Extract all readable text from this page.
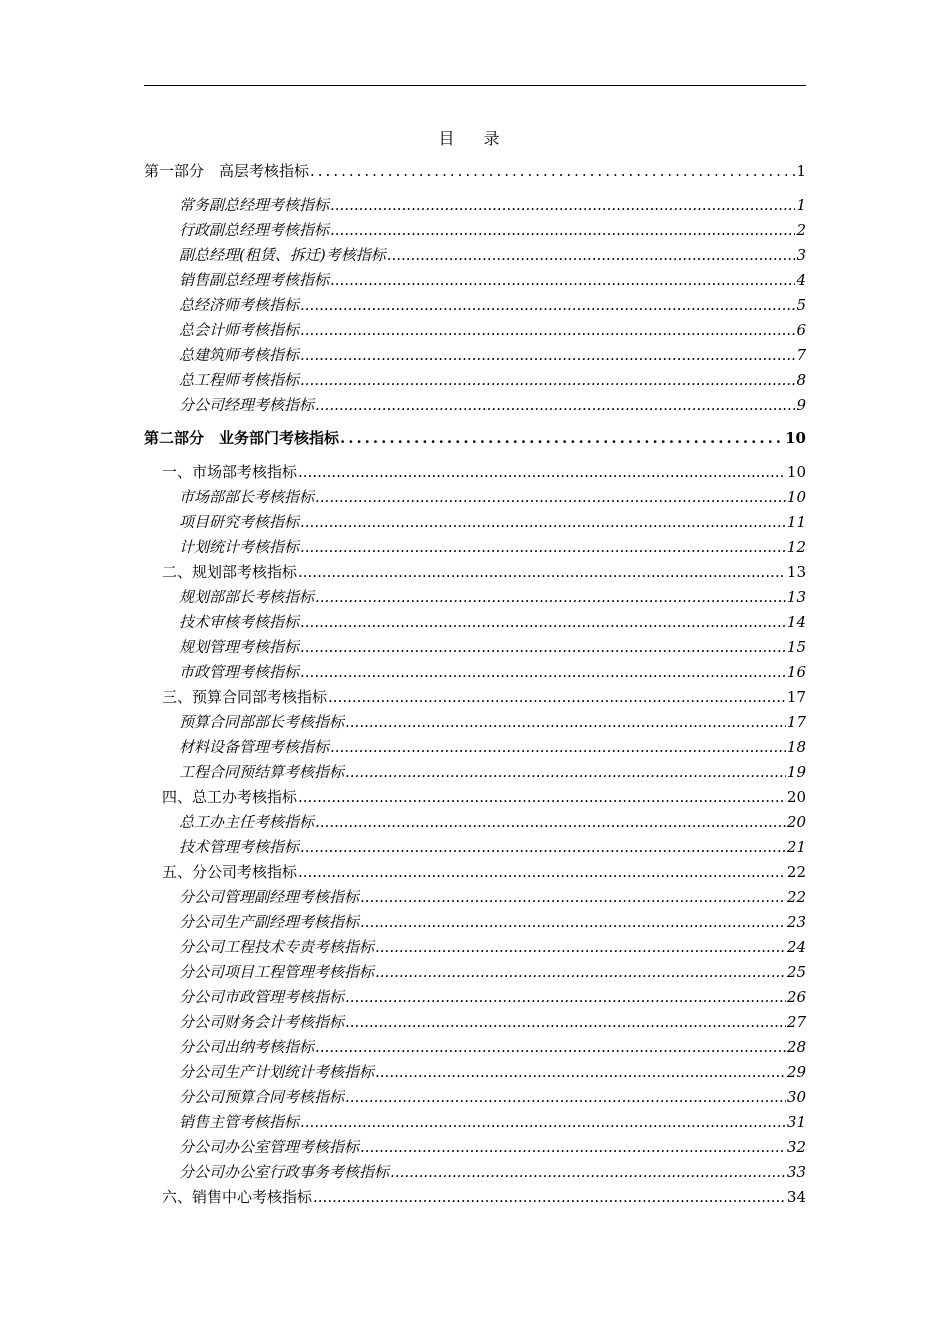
目 录
第一部分　高层考核指标 .....	1
常务副总经理考核指标 .....	1
行政副总经理考核指标 .....	2
副总经理(租赁、拆迁)考核指标 .....	3
销售副总经理考核指标 .....	4
总经济师考核指标 .....	5
总会计师考核指标 .....	6
总建筑师考核指标 .....	7
总工程师考核指标 .....	8
分公司经理考核指标 .....	9
第二部分　业务部门考核指标 .....	10
一、市场部考核指标 .....	10
市场部部长考核指标 .....	10
项目研究考核指标 .....	11
计划统计考核指标 .....	12
二、规划部考核指标 .....	13
规划部部长考核指标 .....	13
技术审核考核指标 .....	14
规划管理考核指标 .....	15
市政管理考核指标 .....	16
三、预算合同部考核指标 .....	17
预算合同部部长考核指标 .....	17
材料设备管理考核指标 .....	18
工程合同预结算考核指标 .....	19
四、总工办考核指标 .....	20
总工办主任考核指标 .....	20
技术管理考核指标 .....	21
五、分公司考核指标 .....	22
分公司管理副经理考核指标 .....	22
分公司生产副经理考核指标 .....	23
分公司工程技术专责考核指标 .....	24
分公司项目工程管理考核指标 .....	25
分公司市政管理考核指标 .....	26
分公司财务会计考核指标 .....	27
分公司出纳考核指标 .....	28
分公司生产计划统计考核指标 .....	29
分公司预算合同考核指标 .....	30
销售主管考核指标 .....	31
分公司办公室管理考核指标 .....	32
分公司办公室行政事务考核指标 .....	33
六、销售中心考核指标 .....	34
